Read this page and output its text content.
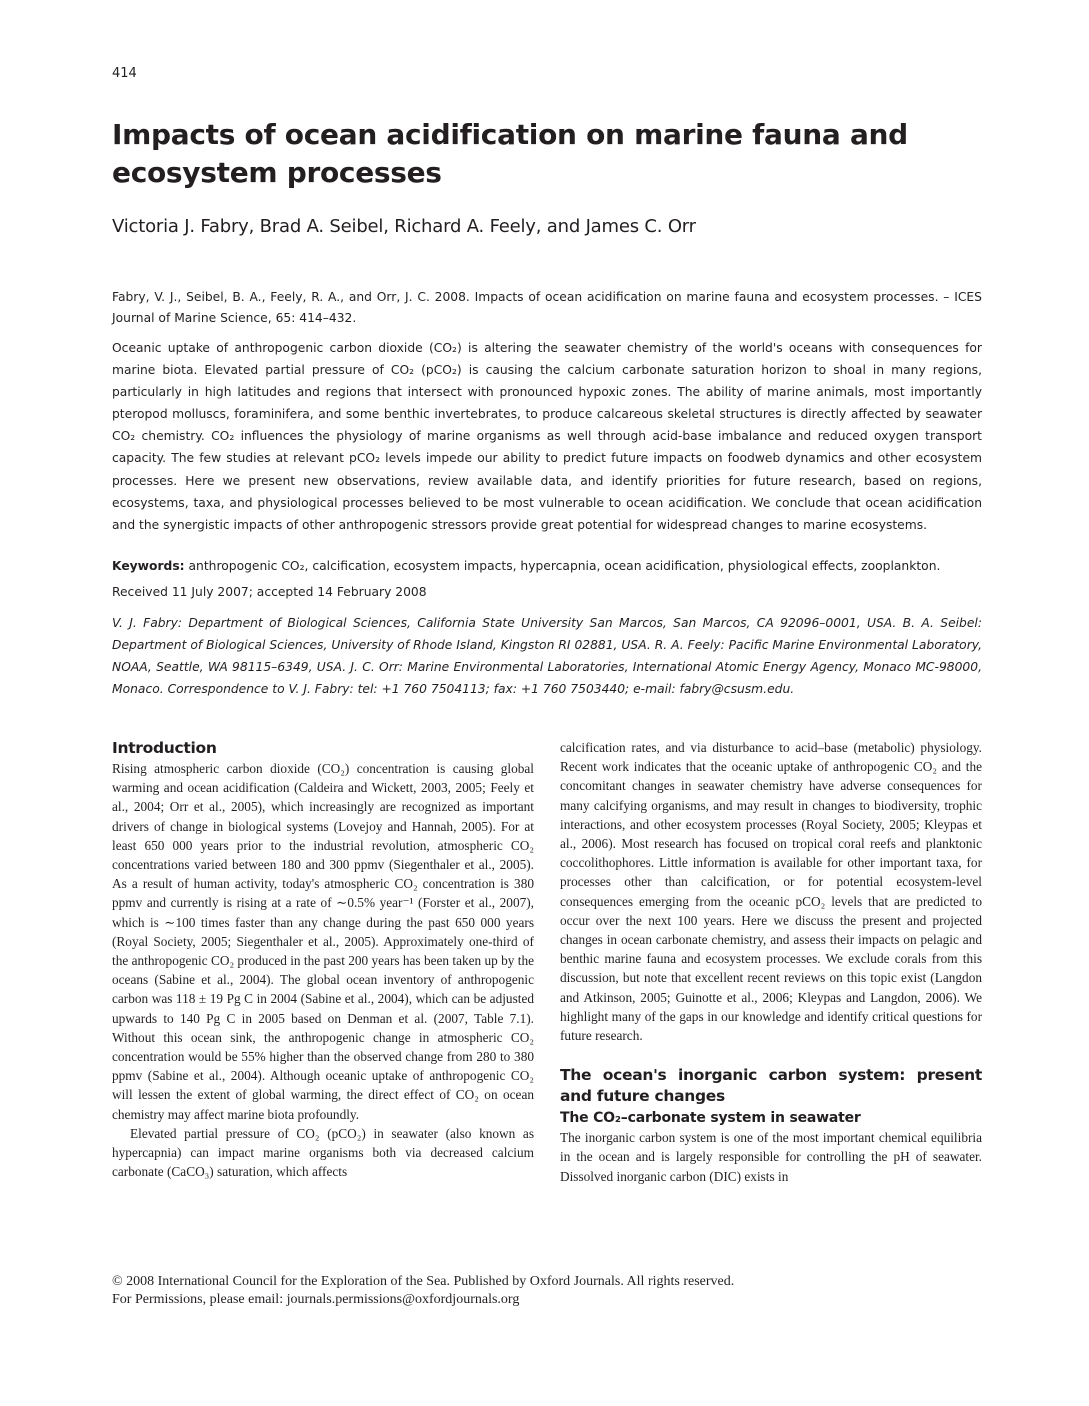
414
Impacts of ocean acidification on marine fauna and ecosystem processes
Victoria J. Fabry, Brad A. Seibel, Richard A. Feely, and James C. Orr

Fabry, V. J., Seibel, B. A., Feely, R. A., and Orr, J. C. 2008. Impacts of ocean acidification on marine fauna and ecosystem processes. – ICES Journal of Marine Science, 65: 414–432.

Oceanic uptake of anthropogenic carbon dioxide (CO₂) is altering the seawater chemistry of the world's oceans with consequences for marine biota. Elevated partial pressure of CO₂ (pCO₂) is causing the calcium carbonate saturation horizon to shoal in many regions, particularly in high latitudes and regions that intersect with pronounced hypoxic zones. The ability of marine animals, most importantly pteropod molluscs, foraminifera, and some benthic invertebrates, to produce calcareous skeletal structures is directly affected by seawater CO₂ chemistry. CO₂ influences the physiology of marine organisms as well through acid-base imbalance and reduced oxygen transport capacity. The few studies at relevant pCO₂ levels impede our ability to predict future impacts on foodweb dynamics and other ecosystem processes. Here we present new observations, review available data, and identify priorities for future research, based on regions, ecosystems, taxa, and physiological processes believed to be most vulnerable to ocean acidification. We conclude that ocean acidification and the synergistic impacts of other anthropogenic stressors provide great potential for widespread changes to marine ecosystems.

Keywords: anthropogenic CO₂, calcification, ecosystem impacts, hypercapnia, ocean acidification, physiological effects, zooplankton.

Received 11 July 2007; accepted 14 February 2008

V. J. Fabry: Department of Biological Sciences, California State University San Marcos, San Marcos, CA 92096–0001, USA. B. A. Seibel: Department of Biological Sciences, University of Rhode Island, Kingston RI 02881, USA. R. A. Feely: Pacific Marine Environmental Laboratory, NOAA, Seattle, WA 98115–6349, USA. J. C. Orr: Marine Environmental Laboratories, International Atomic Energy Agency, Monaco MC-98000, Monaco. Correspondence to V. J. Fabry: tel: +1 760 7504113; fax: +1 760 7503440; e-mail: fabry@csusm.edu.

Introduction

Rising atmospheric carbon dioxide (CO₂) concentration is causing global warming and ocean acidification (Caldeira and Wickett, 2003, 2005; Feely et al., 2004; Orr et al., 2005), which increasingly are recognized as important drivers of change in biological systems (Lovejoy and Hannah, 2005). For at least 650 000 years prior to the industrial revolution, atmospheric CO₂ concentrations varied between 180 and 300 ppmv (Siegenthaler et al., 2005). As a result of human activity, today's atmospheric CO₂ concentration is 380 ppmv and currently is rising at a rate of ∼0.5% year⁻¹ (Forster et al., 2007), which is ∼100 times faster than any change during the past 650 000 years (Royal Society, 2005; Siegenthaler et al., 2005). Approximately one-third of the anthropogenic CO₂ produced in the past 200 years has been taken up by the oceans (Sabine et al., 2004). The global ocean inventory of anthropogenic carbon was 118 ± 19 Pg C in 2004 (Sabine et al., 2004), which can be adjusted upwards to 140 Pg C in 2005 based on Denman et al. (2007, Table 7.1). Without this ocean sink, the anthropogenic change in atmospheric CO₂ concentration would be 55% higher than the observed change from 280 to 380 ppmv (Sabine et al., 2004). Although oceanic uptake of anthropogenic CO₂ will lessen the extent of global warming, the direct effect of CO₂ on ocean chemistry may affect marine biota profoundly.

Elevated partial pressure of CO₂ (pCO₂) in seawater (also known as hypercapnia) can impact marine organisms both via decreased calcium carbonate (CaCO₃) saturation, which affects

calcification rates, and via disturbance to acid–base (metabolic) physiology. Recent work indicates that the oceanic uptake of anthropogenic CO₂ and the concomitant changes in seawater chemistry have adverse consequences for many calcifying organisms, and may result in changes to biodiversity, trophic interactions, and other ecosystem processes (Royal Society, 2005; Kleypas et al., 2006). Most research has focused on tropical coral reefs and planktonic coccolithophores. Little information is available for other important taxa, for processes other than calcification, or for potential ecosystem-level consequences emerging from the oceanic pCO₂ levels that are predicted to occur over the next 100 years. Here we discuss the present and projected changes in ocean carbonate chemistry, and assess their impacts on pelagic and benthic marine fauna and ecosystem processes. We exclude corals from this discussion, but note that excellent recent reviews on this topic exist (Langdon and Atkinson, 2005; Guinotte et al., 2006; Kleypas and Langdon, 2006). We highlight many of the gaps in our knowledge and identify critical questions for future research.

The ocean's inorganic carbon system: present and future changes
The CO₂–carbonate system in seawater

The inorganic carbon system is one of the most important chemical equilibria in the ocean and is largely responsible for controlling the pH of seawater. Dissolved inorganic carbon (DIC) exists in

© 2008 International Council for the Exploration of the Sea. Published by Oxford Journals. All rights reserved.
For Permissions, please email: journals.permissions@oxfordjournals.org
